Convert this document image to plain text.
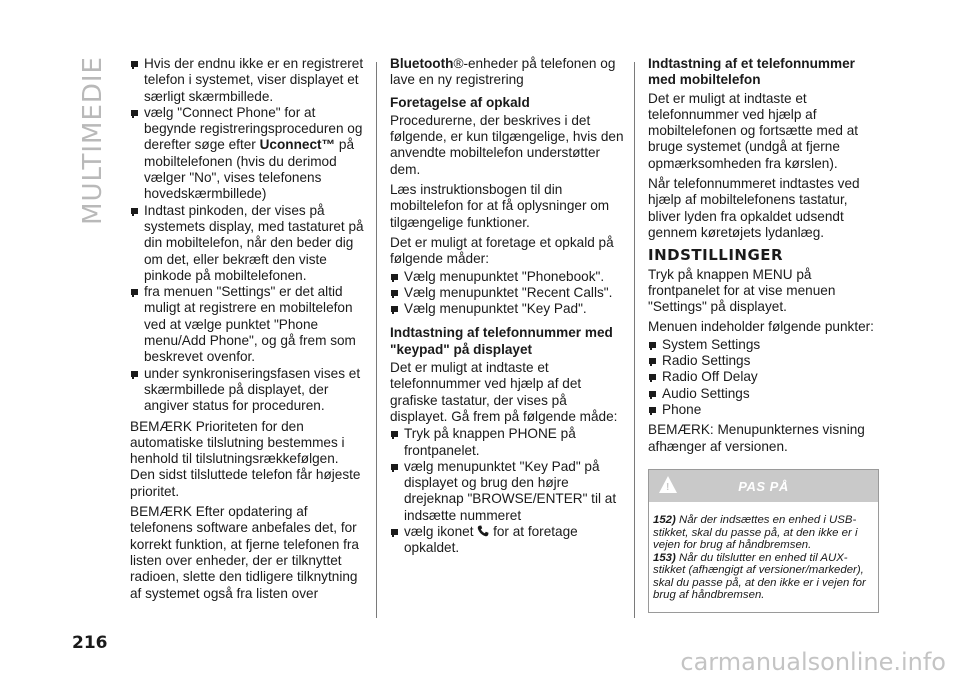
MULTIMEDIE	Hvis der endnu ikke er en registreret telefon i systemet, viser displayet et særligt skærmbillede.
vælg "Connect Phone" for at begynde registreringsproceduren og derefter søge efter Uconnect™ på mobiltelefonen (hvis du derimod vælger "No", vises telefonens hovedskærmbillede)
Indtast pinkoden, der vises på systemets display, med tastaturet på din mobiltelefon, når den beder dig om det, eller bekræft den viste pinkode på mobiltelefonen.
fra menuen "Settings" er det altid muligt at registrere en mobiltelefon ved at vælge punktet "Phone menu/Add Phone", og gå frem som beskrevet ovenfor.
under synkroniseringsfasen vises et skærmbillede på displayet, der angiver status for proceduren.

BEMÆRK Prioriteten for den automatiske tilslutning bestemmes i henhold til tilslutningsrækkefølgen. Den sidst tilsluttede telefon får højeste prioritet.

BEMÆRK Efter opdatering af telefonens software anbefales det, for korrekt funktion, at fjerne telefonen fra listen over enheder, der er tilknyttet radioen, slette den tidligere tilknytning af systemet også fra listen over

Bluetooth®-enheder på telefonen og lave en ny registrering

Foretagelse af opkald

Procedurerne, der beskrives i det følgende, er kun tilgængelige, hvis den anvendte mobiltelefon understøtter dem.

Læs instruktionsbogen til din mobiltelefon for at få oplysninger om tilgængelige funktioner.

Det er muligt at foretage et opkald på følgende måder:

Vælg menupunktet "Phonebook".
Vælg menupunktet "Recent Calls".
Vælg menupunktet "Key Pad".
Indtastning af telefonnummer med "keypad" på displayet

Det er muligt at indtaste et telefonnummer ved hjælp af det grafiske tastatur, der vises på displayet. Gå frem på følgende måde:

Tryk på knappen PHONE på frontpanelet.
vælg menupunktet "Key Pad" på displayet og brug den højre drejeknap "BROWSE/ENTER" til at indsætte nummeret
vælg ikonet  for at foretage opkaldet.
Indtastning af et telefonnummer med mobiltelefon

Det er muligt at indtaste et telefonnummer ved hjælp af mobiltelefonen og fortsætte med at bruge systemet (undgå at fjerne opmærksomheden fra kørslen).

Når telefonnummeret indtastes ved hjælp af mobiltelefonens tastatur, bliver lyden fra opkaldet udsendt gennem køretøjets lydanlæg.

INDSTILLINGER

Tryk på knappen MENU på frontpanelet for at vise menuen "Settings" på displayet.

Menuen indeholder følgende punkter:

System Settings
Radio Settings
Radio Off Delay
Audio Settings
Phone

BEMÆRK: Menupunkternes visning afhænger af versionen.

!	PAS PÅ

152) Når der indsættes en enhed i USB-stikket, skal du passe på, at den ikke er i vejen for brug af håndbremsen.

153) Når du tilslutter en enhed til AUX-stikket (afhængigt af versioner/markeder), skal du passe på, at den ikke er i vejen for brug af håndbremsen.

216
carmanualsonline.info
